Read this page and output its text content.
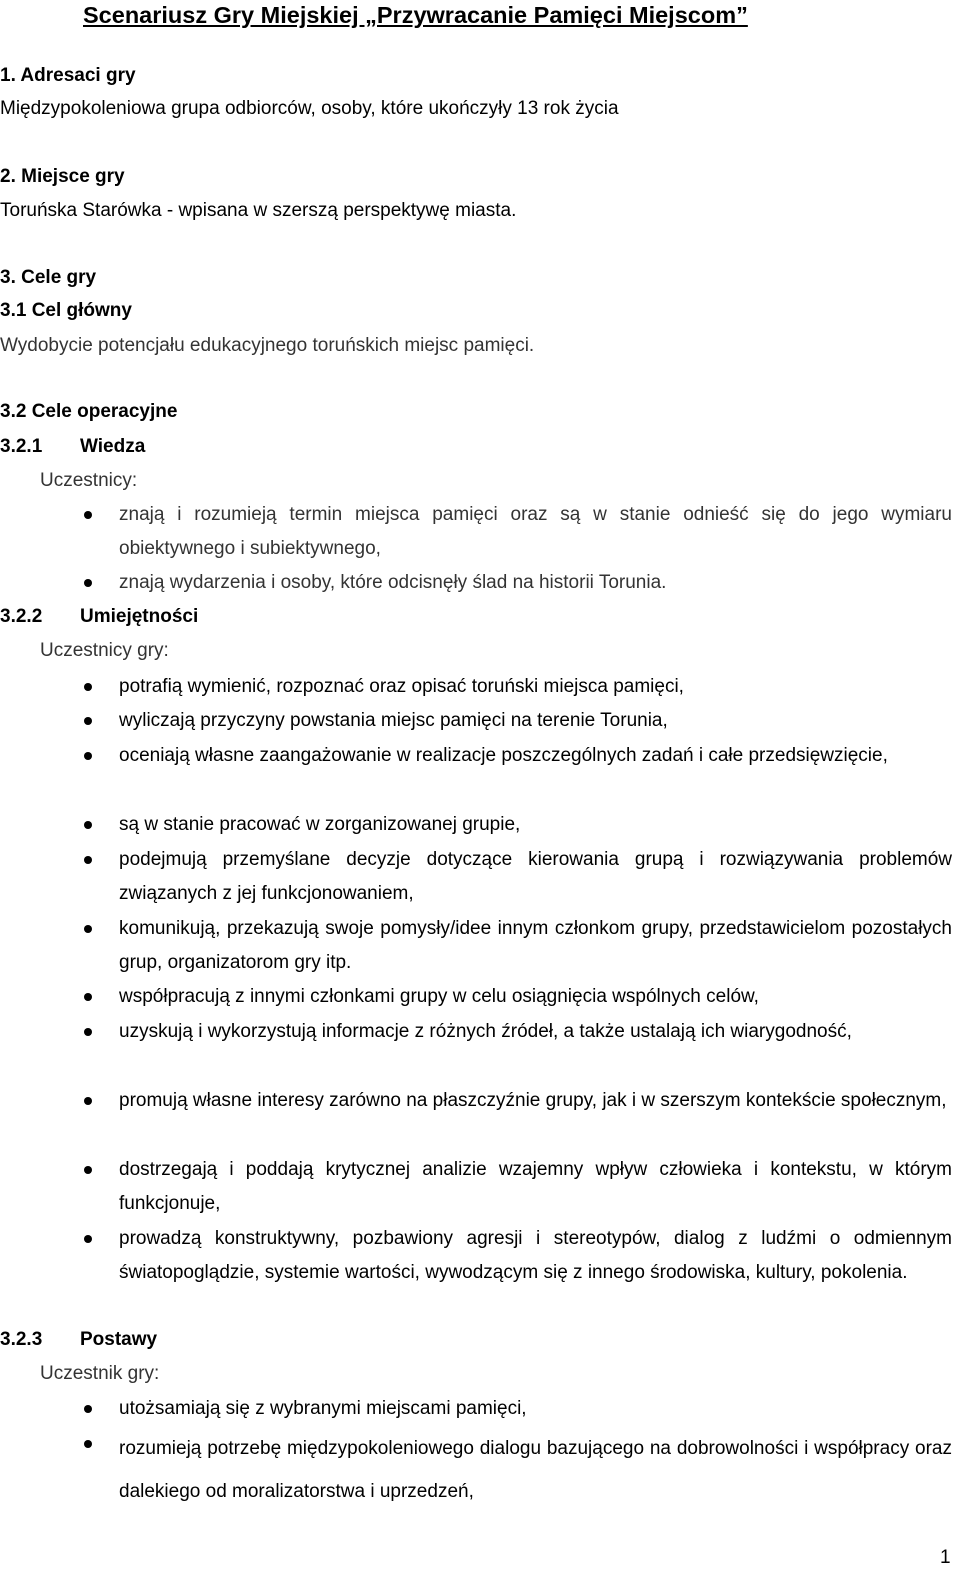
Scenariusz Gry Miejskiej „Przywracanie Pamięci Miejscom”
1. Adresaci gry
Międzypokoleniowa grupa odbiorców, osoby, które ukończyły 13 rok życia
2. Miejsce gry
Toruńska Starówka - wpisana w szerszą perspektywę miasta.
3. Cele gry
3.1 Cel główny
Wydobycie potencjału edukacyjnego toruńskich miejsc pamięci.
3.2 Cele operacyjne
3.2.1 Wiedza
Uczestnicy:
znają i rozumieją termin miejsca pamięci oraz są w stanie odnieść się do jego wymiaru obiektywnego i subiektywnego,
znają wydarzenia i osoby, które odcisnęły ślad na historii Torunia.
3.2.2 Umiejętności
Uczestnicy gry:
potrafią wymienić, rozpoznać oraz opisać toruński miejsca pamięci,
wyliczają przyczyny powstania miejsc pamięci na terenie Torunia,
oceniają własne zaangażowanie w realizacje poszczególnych zadań i całe przedsięwzięcie,
są w stanie pracować w zorganizowanej grupie,
podejmują przemyślane decyzje dotyczące kierowania grupą i rozwiązywania problemów związanych z jej funkcjonowaniem,
komunikują, przekazują swoje pomysły/idee innym członkom grupy, przedstawicielom pozostałych grup, organizatorom gry itp.
współpracują z innymi członkami grupy w celu osiągnięcia wspólnych celów,
uzyskują i wykorzystują informacje z różnych źródeł, a także ustalają ich wiarygodność,
promują własne interesy zarówno na płaszczyźnie grupy, jak i w szerszym kontekście społecznym,
dostrzegają i poddają krytycznej analizie wzajemny wpływ człowieka i kontekstu, w którym funkcjonuje,
prowadzą konstruktywny, pozbawiony agresji i stereotypów, dialog z ludźmi o odmiennym światopoglądzie, systemie wartości, wywodzącym się z innego środowiska, kultury, pokolenia.
3.2.3 Postawy
Uczestnik gry:
utożsamiają się z wybranymi miejscami pamięci,
rozumieją potrzebę międzypokoleniowego dialogu bazującego na dobrowolności i współpracy oraz dalekiego od moralizatorstwa i uprzedzeń,
1
